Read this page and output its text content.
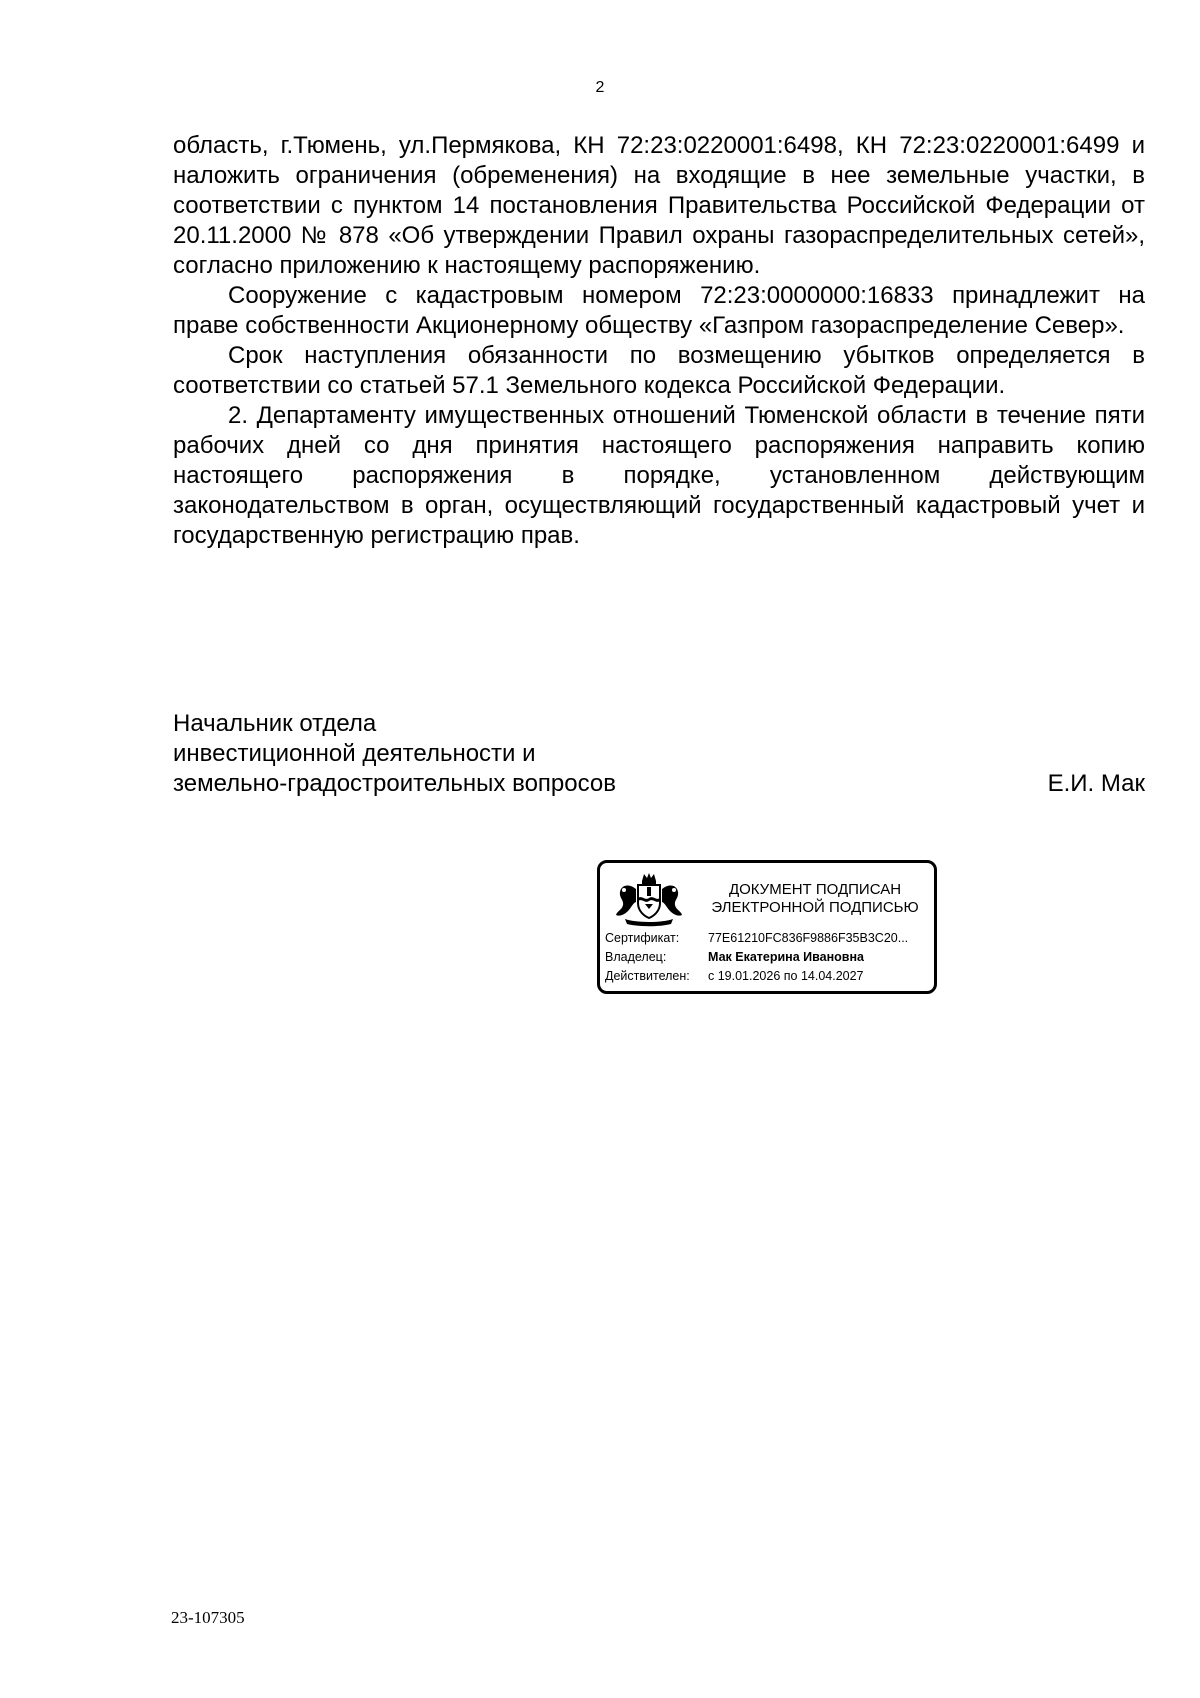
2

область, г.Тюмень, ул.Пермякова, КН 72:23:0220001:6498, КН 72:23:0220001:6499 и наложить ограничения (обременения) на входящие в нее земельные участки, в соответствии с пунктом 14 постановления Правительства Российской Федерации от 20.11.2000 № 878 «Об утверждении Правил охраны газораспределительных сетей», согласно приложению к настоящему распоряжению.

Сооружение с кадастровым номером 72:23:0000000:16833 принадлежит на праве собственности Акционерному обществу «Газпром газораспределение Север».

Срок наступления обязанности по возмещению убытков определяется в соответствии со статьей 57.1 Земельного кодекса Российской Федерации.

2. Департаменту имущественных отношений Тюменской области в течение пяти рабочих дней со дня принятия настоящего распоряжения направить копию настоящего распоряжения в порядке, установленном действующим законодательством в орган, осуществляющий государственный кадастровый учет и государственную регистрацию прав.

Начальник отдела
инвестиционной деятельности и
земельно-градостроительных вопросов	Е.И. Мак
ДОКУМЕНТ ПОДПИСАН
ЭЛЕКТРОННОЙ ПОДПИСЬЮ
Сертификат: 77E61210FC836F9886F35B3C20...
Владелец:	Мак Екатерина Ивановна
Действителен: с 19.01.2026 по 14.04.2027
23-107305
